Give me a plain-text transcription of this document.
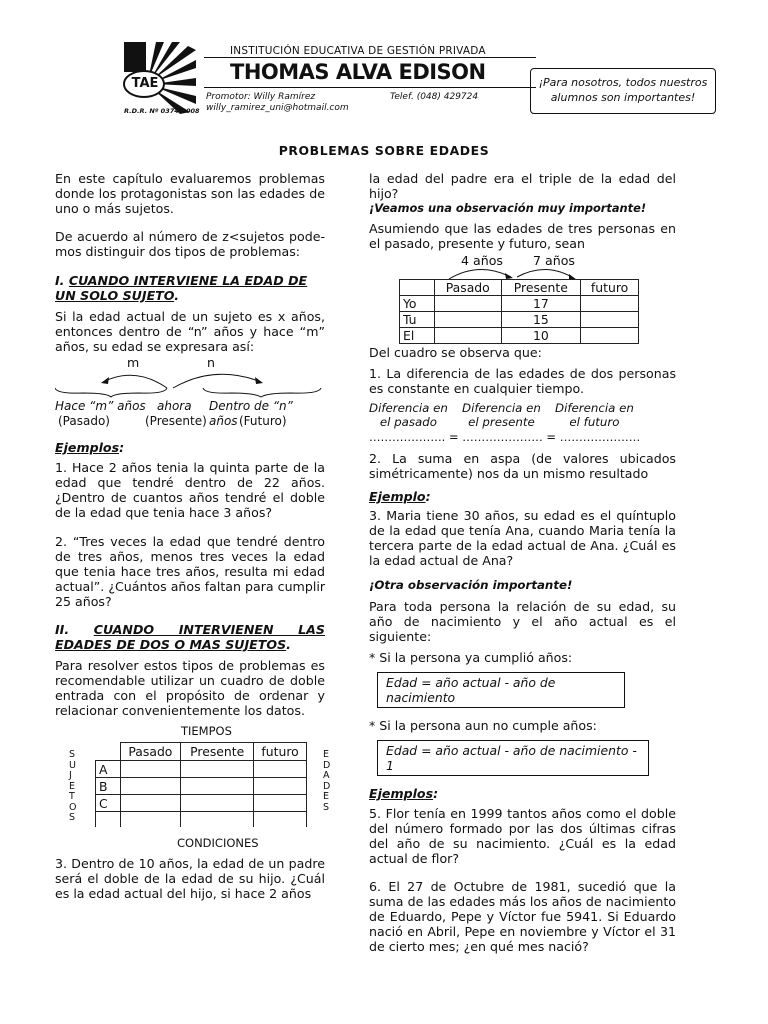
TAE
R.D.R. Nº 0374-2008
INSTITUCIÓN EDUCATIVA DE GESTIÓN PRIVADA
THOMAS ALVA EDISON
Promotor: Willy Ramírez	Telef. (048) 429724
willy_ramirez_uni@hotmail.com
¡Para nosotros, todos nuestros
alumnos son importantes!
PROBLEMAS SOBRE EDADES

En este capítulo evaluaremos problemas donde los protagonistas son las edades de uno o más sujetos.

De acuerdo al número de z<sujetos pode-mos distinguir dos tipos de problemas:

I. CUANDO INTERVIENE LA EDAD DE UN SOLO SUJETO.

Si la edad actual de un sujeto es x años, entonces dentro de “n” años y hace “m” años, su edad se expresara así:

m	n
Hace “m” años ahora Dentro de “n” años
(Pasado)	(Presente)	(Futuro)
Ejemplos:

1. Hace 2 años tenia la quinta parte de la edad que tendré dentro de 22 años. ¿Dentro de cuantos años tendré el doble de la edad que tenia hace 3 años?

2. “Tres veces la edad que tendré dentro de tres años, menos tres veces la edad que tenia hace tres años, resulta mi edad actual”. ¿Cuántos años faltan para cumplir 25 años?

II. CUANDO INTERVIENEN LAS EDADES DE DOS O MAS SUJETOS.

Para resolver estos tipos de problemas es recomendable utilizar un cuadro de doble entrada con el propósito de ordenar y relacionar convenientemente los datos.

TIEMPOS
SUJETOS
EDADES
	Pasado	Presente	futuro
A			
B			
C			

CONDICIONES

3. Dentro de 10 años, la edad de un padre será el doble de la edad de su hijo. ¿Cuál es la edad actual del hijo, si hace 2 años

la edad del padre era el triple de la edad del hijo?

¡Veamos una observación muy importante!

Asumiendo que las edades de tres personas en el pasado, presente y futuro, sean

4 años 7 años
	Pasado	Presente	futuro
Yo		17	
Tu		15	
El		10	

Del cuadro se observa que:

1. La diferencia de las edades de dos personas es constante en cualquier tiempo.

Diferencia en
el pasado
Diferencia en
el presente
Diferencia en
el futuro
……………….. = ………………… = …………………

2. La suma en aspa (de valores ubicados simétricamente) nos da un mismo resultado

Ejemplo:

3. Maria tiene 30 años, su edad es el quíntuplo de la edad que tenía Ana, cuando Maria tenía la tercera parte de la edad actual de Ana. ¿Cuál es la edad actual de Ana?

¡Otra observación importante!

Para toda persona la relación de su edad, su año de nacimiento y el año actual es el siguiente:

* Si la persona ya cumplió años:

Edad = año actual - año de nacimiento

* Si la persona aun no cumple años:

Edad = año actual - año de nacimiento - 1
Ejemplos:

5. Flor tenía en 1999 tantos años como el doble del número formado por las dos últimas cifras del año de su nacimiento. ¿Cuál es la edad actual de flor?

6. El 27 de Octubre de 1981, sucedió que la suma de las edades más los años de nacimiento de Eduardo, Pepe y Víctor fue 5941. Si Eduardo nació en Abril, Pepe en noviembre y Víctor el 31 de cierto mes; ¿en qué mes nació?
